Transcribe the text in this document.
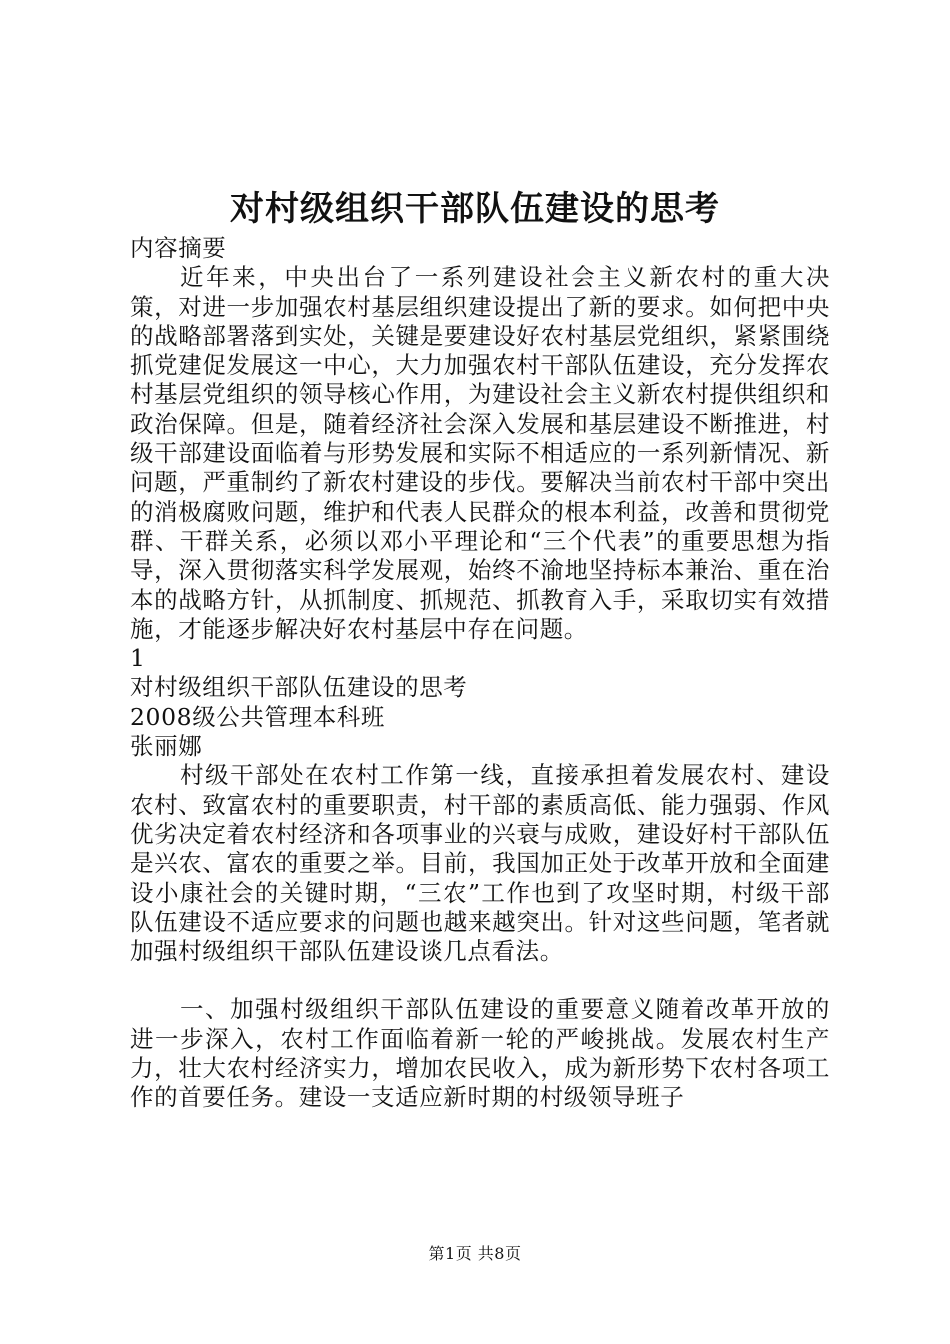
对村级组织干部队伍建设的思考

内容摘要

近年来，中央出台了一系列建设社会主义新农村的重大决策，对进一步加强农村基层组织建设提出了新的要求。如何把中央的战略部署落到实处，关键是要建设好农村基层党组织，紧紧围绕抓党建促发展这一中心，大力加强农村干部队伍建设，充分发挥农村基层党组织的领导核心作用，为建设社会主义新农村提供组织和政治保障。但是，随着经济社会深入发展和基层建设不断推进，村级干部建设面临着与形势发展和实际不相适应的一系列新情况、新问题，严重制约了新农村建设的步伐。要解决当前农村干部中突出的消极腐败问题，维护和代表人民群众的根本利益，改善和贯彻党群、干群关系，必须以邓小平理论和“三个代表”的重要思想为指导，深入贯彻落实科学发展观，始终不渝地坚持标本兼治、重在治本的战略方针，从抓制度、抓规范、抓教育入手，采取切实有效措施，才能逐步解决好农村基层中存在问题。

1

对村级组织干部队伍建设的思考

2008级公共管理本科班

张丽娜

村级干部处在农村工作第一线，直接承担着发展农村、建设农村、致富农村的重要职责，村干部的素质高低、能力强弱、作风优劣决定着农村经济和各项事业的兴衰与成败，建设好村干部队伍是兴农、富农的重要之举。目前，我国加正处于改革开放和全面建设小康社会的关键时期，“三农”工作也到了攻坚时期，村级干部队伍建设不适应要求的问题也越来越突出。针对这些问题，笔者就加强村级组织干部队伍建设谈几点看法。

一、加强村级组织干部队伍建设的重要意义随着改革开放的进一步深入，农村工作面临着新一轮的严峻挑战。发展农村生产力，壮大农村经济实力，增加农民收入，成为新形势下农村各项工作的首要任务。建设一支适应新时期的村级领导班子

第1页 共8页
